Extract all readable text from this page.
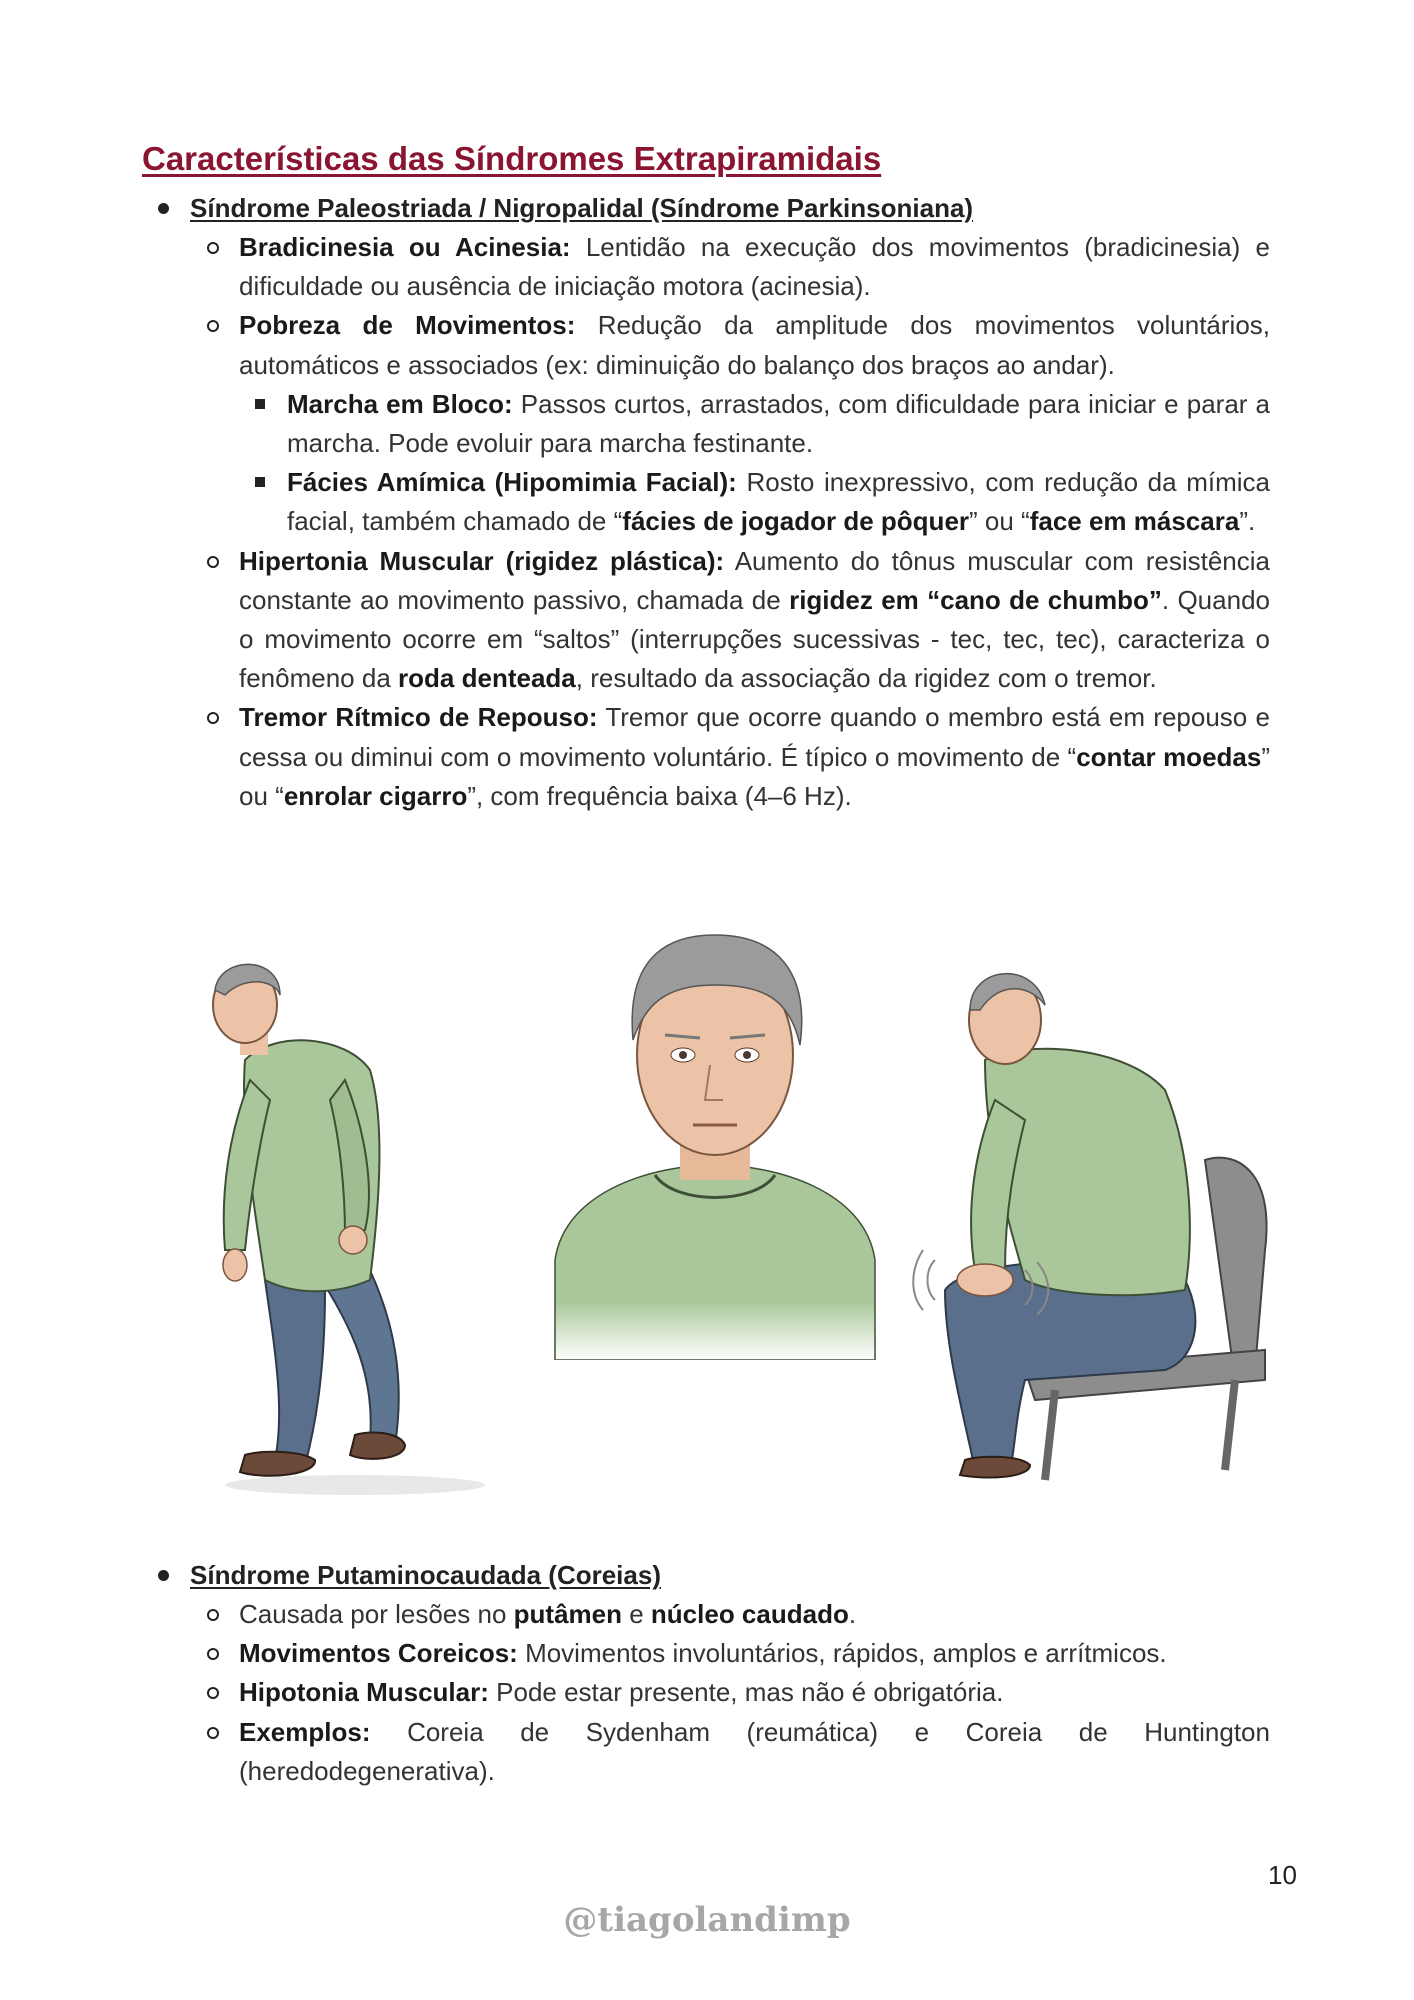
Características das Síndromes Extrapiramidais
Síndrome Paleostriada / Nigropalidal (Síndrome Parkinsoniana)
Bradicinesia ou Acinesia: Lentidão na execução dos movimentos (bradicinesia) e dificuldade ou ausência de iniciação motora (acinesia).
Pobreza de Movimentos: Redução da amplitude dos movimentos voluntários, automáticos e associados (ex: diminuição do balanço dos braços ao andar).
Marcha em Bloco: Passos curtos, arrastados, com dificuldade para iniciar e parar a marcha. Pode evoluir para marcha festinante.
Fácies Amímica (Hipomimia Facial): Rosto inexpressivo, com redução da mímica facial, também chamado de “fácies de jogador de pôquer” ou “face em máscara”.
Hipertonia Muscular (rigidez plástica): Aumento do tônus muscular com resistência constante ao movimento passivo, chamada de rigidez em “cano de chumbo”. Quando o movimento ocorre em “saltos” (interrupções sucessivas - tec, tec, tec), caracteriza o fenômeno da roda denteada, resultado da associação da rigidez com o tremor.
Tremor Rítmico de Repouso: Tremor que ocorre quando o membro está em repouso e cessa ou diminui com o movimento voluntário. É típico o movimento de “contar moedas” ou “enrolar cigarro”, com frequência baixa (4–6 Hz).
Síndrome Putaminocaudada (Coreias)
Causada por lesões no putâmen e núcleo caudado.
Movimentos Coreicos: Movimentos involuntários, rápidos, amplos e arrítmicos.
Hipotonia Muscular: Pode estar presente, mas não é obrigatória.
Exemplos: Coreia de Sydenham (reumática) e Coreia de Huntington (heredodegenerativa).

10

@tiagolandimp
